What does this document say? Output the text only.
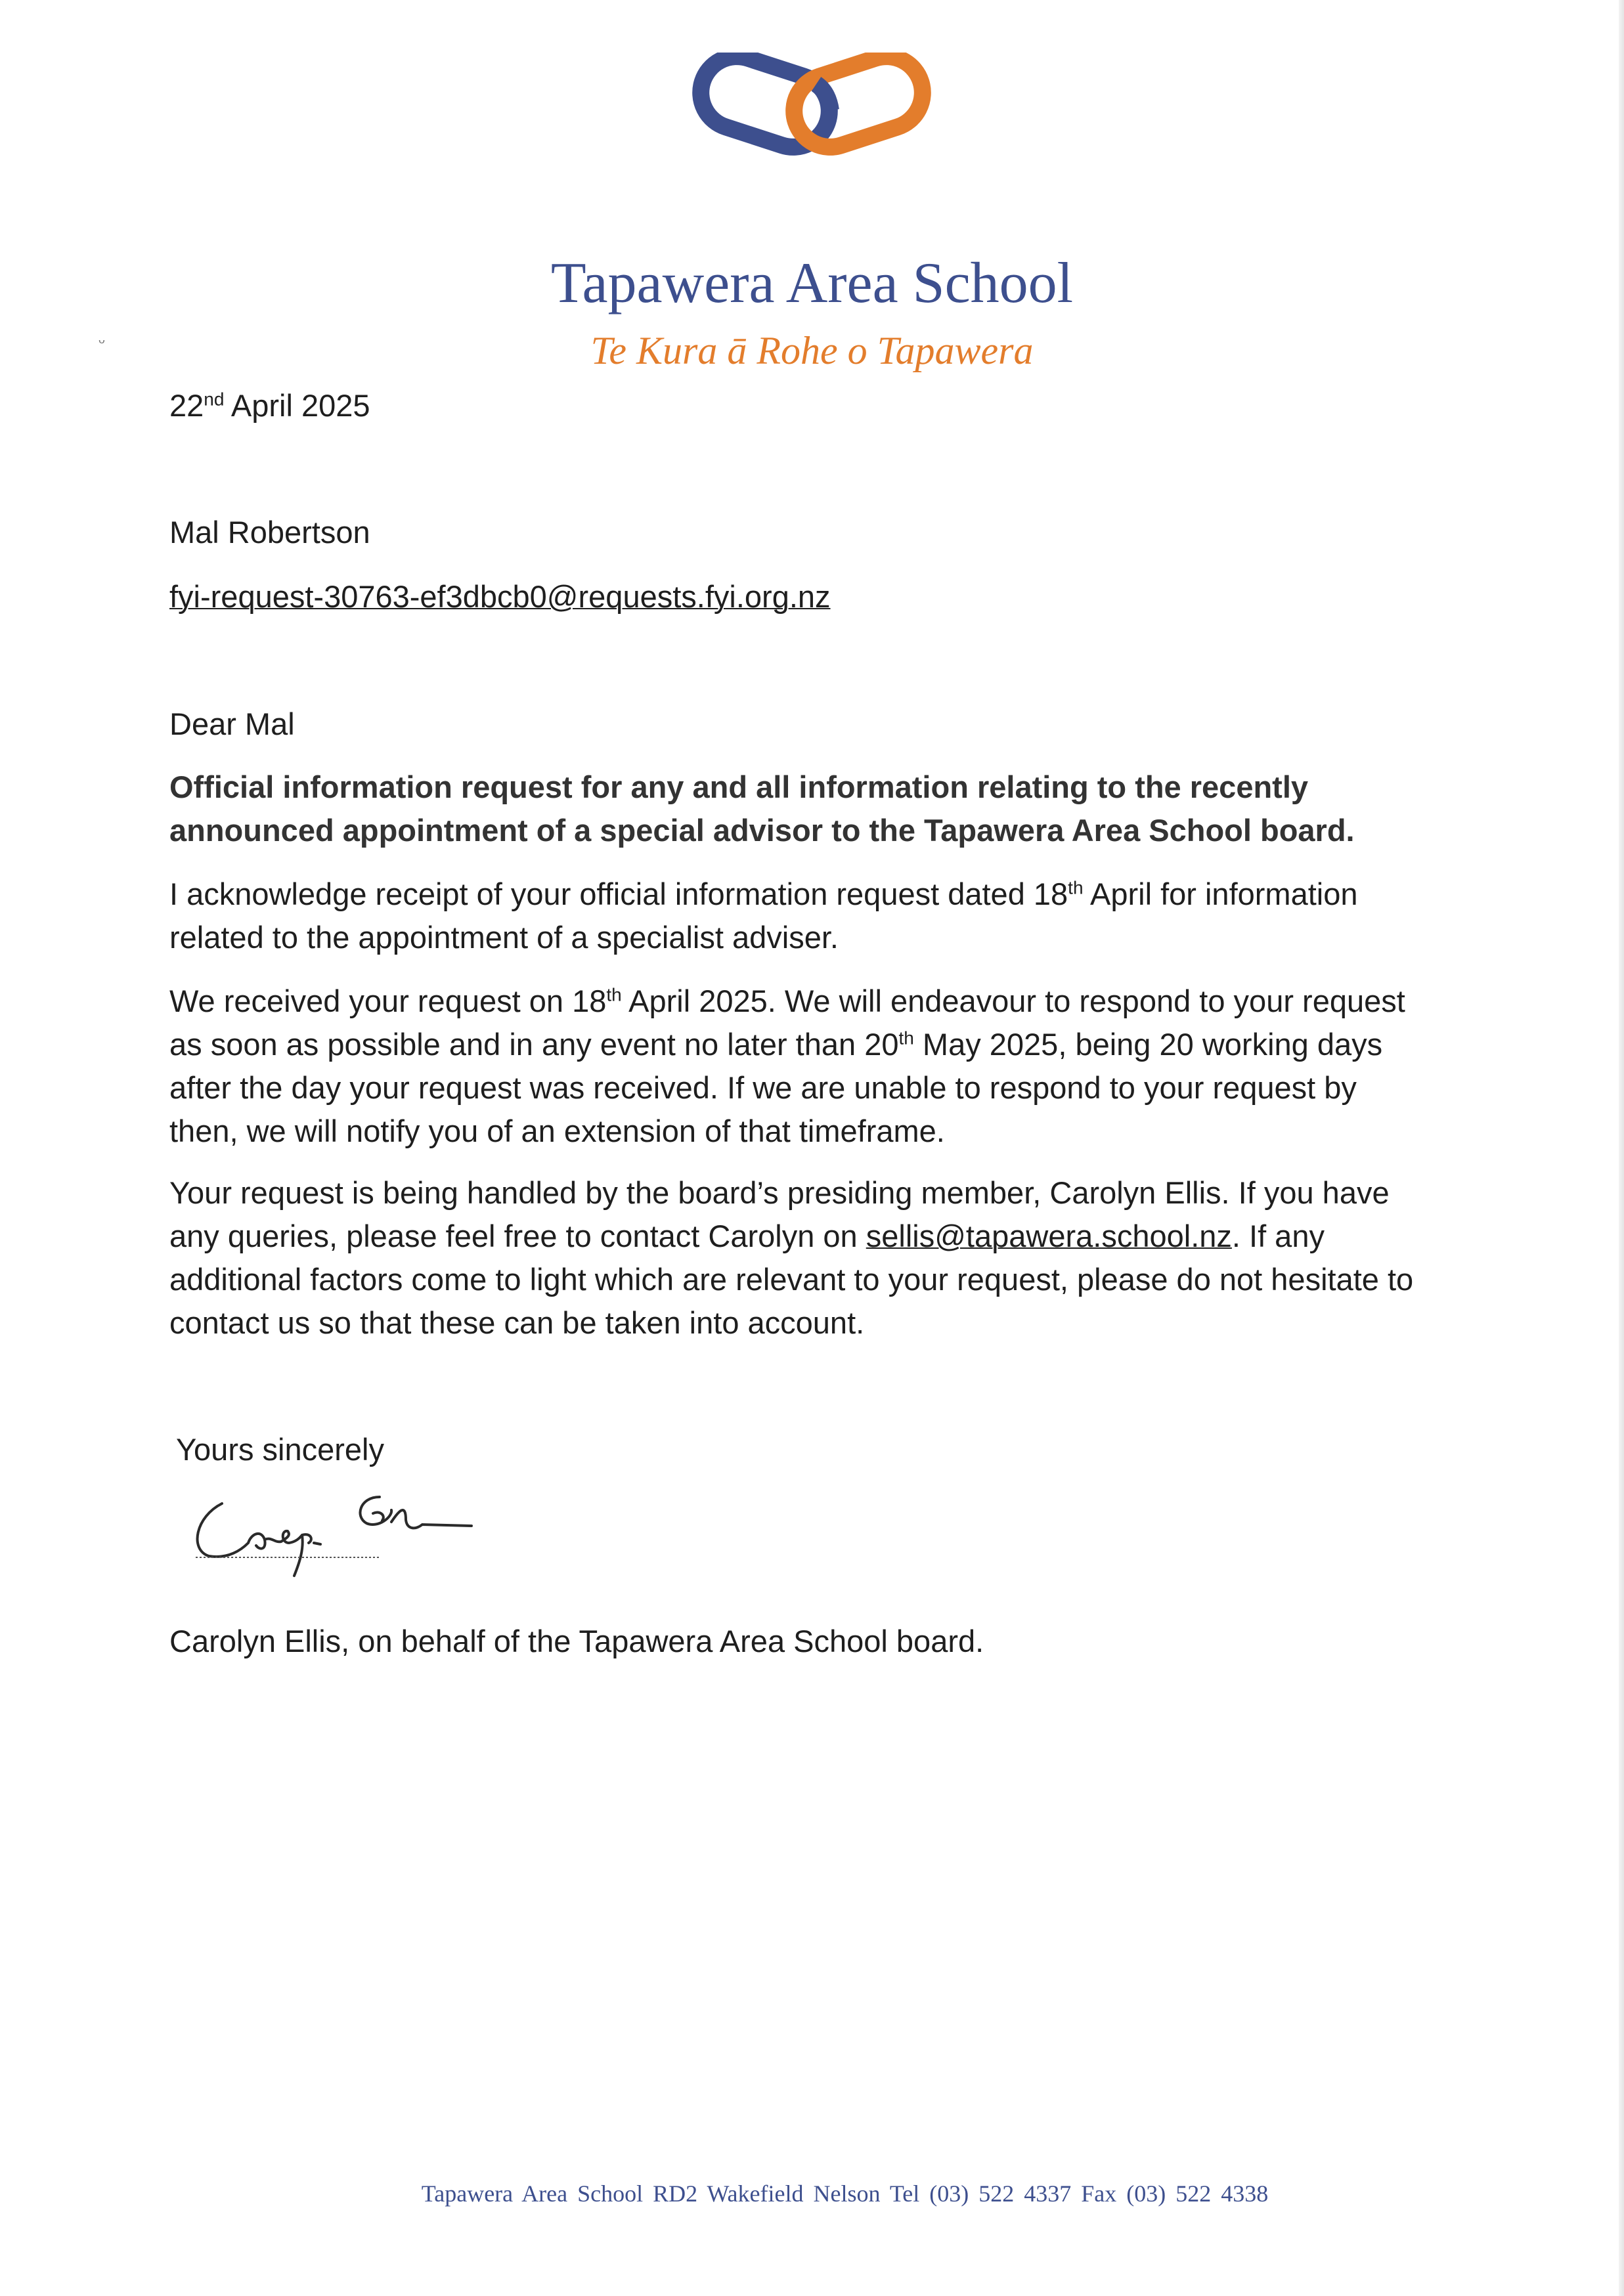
Tapawera Area School
Te Kura ā Rohe o Tapawera
ᵕ
22nd April 2025
Mal Robertson
fyi-request-30763-ef3dbcb0@requests.fyi.org.nz
Dear Mal
Official information request for any and all information relating to the recently announced appointment of a special advisor to the Tapawera Area School board.
I acknowledge receipt of your official information request dated 18th April for information related to the appointment of a specialist adviser.
We received your request on 18th April 2025. We will endeavour to respond to your request as soon as possible and in any event no later than 20th May 2025, being 20 working days after the day your request was received. If we are unable to respond to your request by then, we will notify you of an extension of that timeframe.
Your request is being handled by the board’s presiding member, Carolyn Ellis. If you have any queries, please feel free to contact Carolyn on sellis@tapawera.school.nz. If any additional factors come to light which are relevant to your request, please do not hesitate to contact us so that these can be taken into account.
Yours sincerely
Carolyn Ellis, on behalf of the Tapawera Area School board.
Tapawera Area School RD2 Wakefield Nelson Tel (03) 522 4337 Fax (03) 522 4338
